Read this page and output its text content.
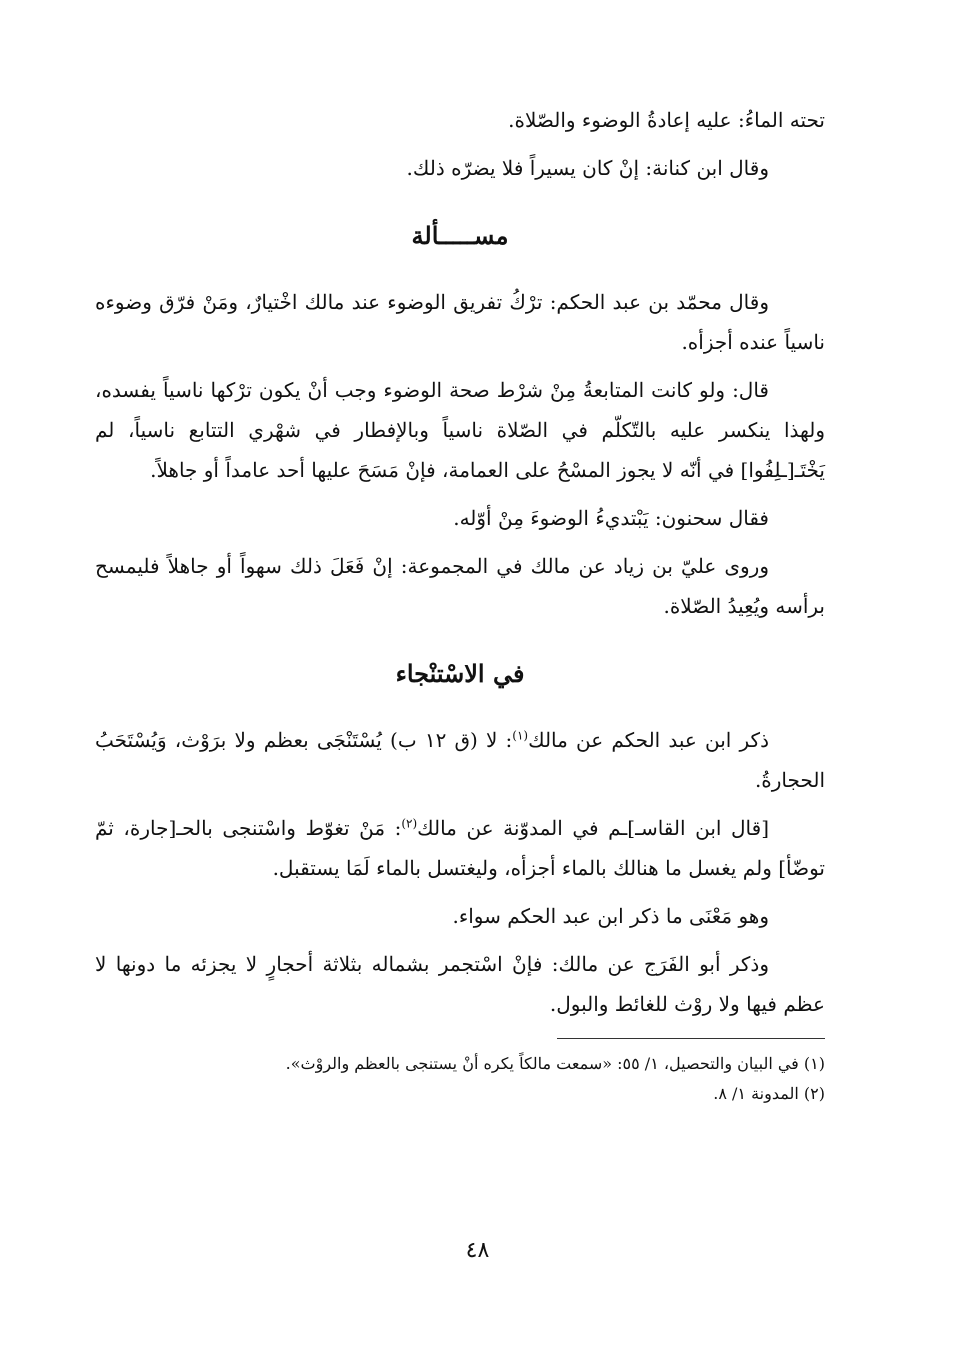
تحته الماءُ: عليه إعادةُ الوضوء والصّلاة.

وقال ابن كنانة: إنْ كان يسيراً فلا يضرّه ذلك.

مســـــألة

وقال محمّد بن عبد الحكم: ترْكُ تفريق الوضوء عند مالك اخْتيارٌ، ومَنْ فرّق وضوءه ناسياً عنده أجزأه.

قال: ولو كانت المتابعةُ مِنْ شرْط صحة الوضوء وجب أنْ يكون ترْكها ناسياً يفسده، ولهذا ينكسر عليه بالتّكلّم في الصّلاة ناسياً وبالإفطار في شهْري التتابع ناسياً، لم يَخْتَـ[ـلِفُوا] في أنّه لا يجوز المسْحُ على العمامة، فإنْ مَسَحَ عليها أحد عامداً أو جاهلاً.

فقال سحنون: يَبْتديءُ الوضوءَ مِنْ أوّله.

وروى عليّ بن زياد عن مالك في المجموعة: إنْ فَعَلَ ذلك سهواً أو جاهلاً فليمسح برأسه ويُعِيدُ الصّلاة.

في الاسْتنْجاء

ذكر ابن عبد الحكم عن مالك$^{(١)}$: لا (ق ١٢ ب) يُسْتَنْجَى بعظم ولا برَوْث، وَيُسْتَحَبُ الحجارةُ.

[قال ابن القاسـ]ـم في المدوّنة عن مالك$^{(٢)}$: مَنْ تغوّط واسْتنجى بالحـ[جارة، ثمّ توضّأ] ولم يغسل ما هنالك بالماء أجزأه، وليغتسل بالماء لَمَا يستقبل.

وهو مَعْنَى ما ذكر ابن عبد الحكم سواء.

وذكر أبو الفَرَج عن مالك: فإنْ اسْتجمر بشماله بثلاثة أحجارٍ لا يجزئه ما دونها لا عظم فيها ولا روْث للغائط والبول.

(١) في البيان والتحصيل، ١/ ٥٥: «سمعت مالكاً يكره أنْ يستنجى بالعظم والروْث».

(٢) المدونة ١/ ٨.

٤٨
